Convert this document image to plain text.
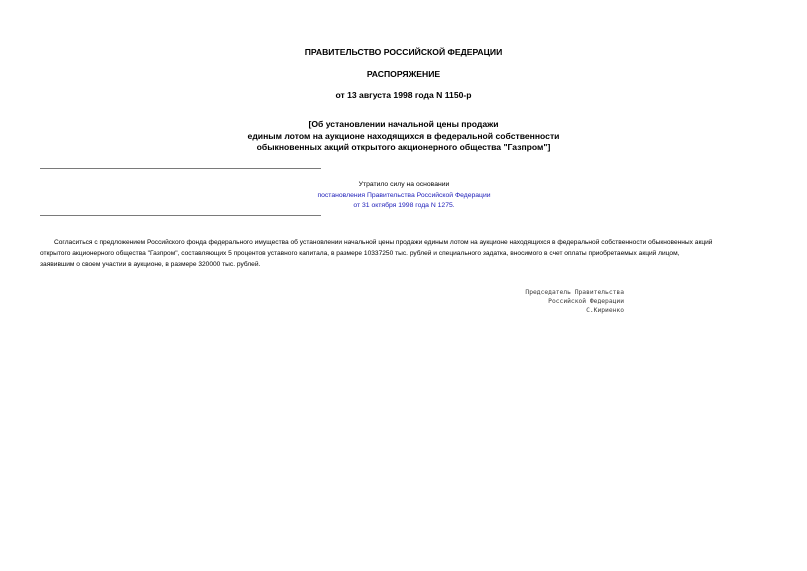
ПРАВИТЕЛЬСТВО РОССИЙСКОЙ ФЕДЕРАЦИИ
РАСПОРЯЖЕНИЕ
от 13 августа 1998 года N 1150-р
[Об установлении начальной цены продажи
единым лотом на аукционе находящихся в федеральной собственности
обыкновенных акций открытого акционерного общества "Газпром"]
Утратило силу на основании
постановления Правительства Российской Федерации
от 31 октября 1998 года N 1275.
Согласиться с предложением Российского фонда федерального имущества об установлении начальной цены продажи единым лотом на аукционе находящихся в федеральной собственности обыкновенных акций
открытого акционерного общества "Газпром", составляющих 5 процентов уставного капитала, в размере 10337250 тыс. рублей и специального задатка, вносимого в счет оплаты приобретаемых акций лицом,
заявившим о своем участии в аукционе, в размере 320000 тыс. рублей.
Председатель Правительства
Российской Федерации
С.Кириенко
